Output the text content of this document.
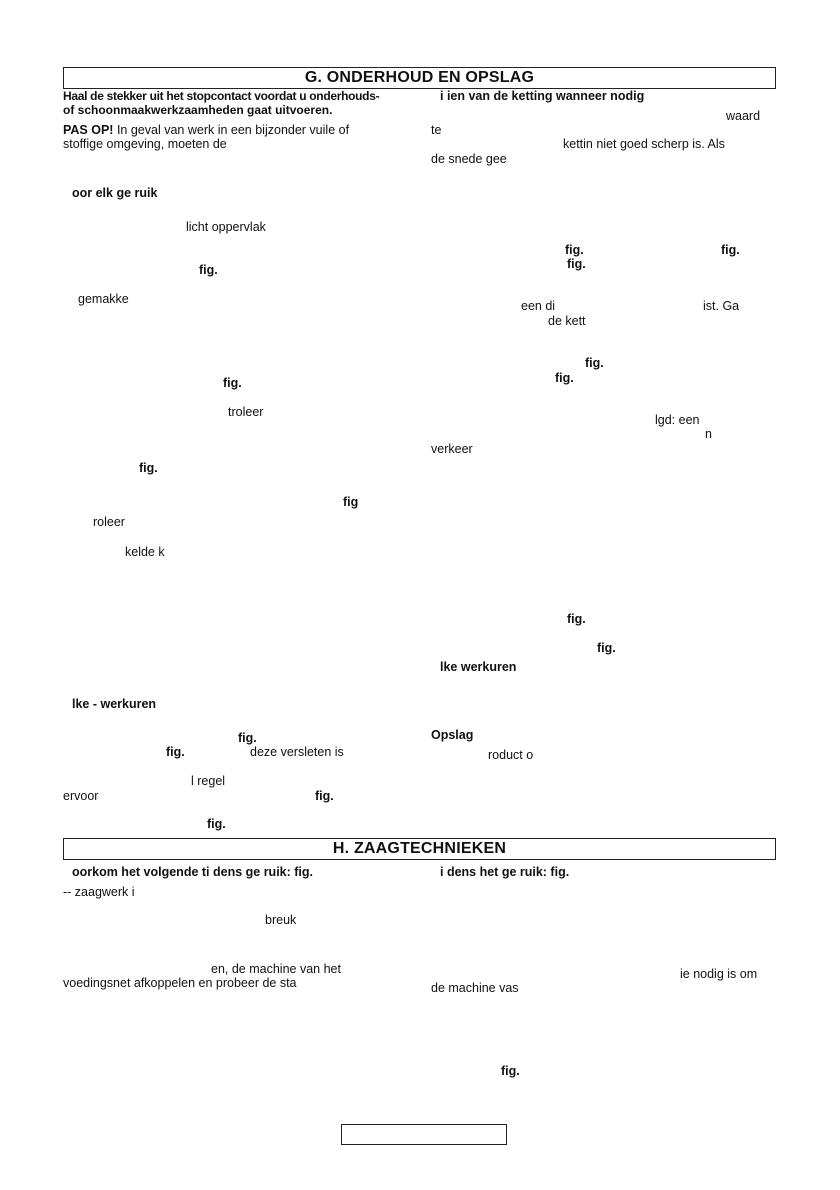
G. ONDERHOUD EN OPSLAG
Haal de stekker uit het stopcontact voordat u onderhouds-
of schoonmaakwerkzaamheden gaat uitvoeren.
PAS OP! In geval van werk in een bijzonder vuile of
stoffige omgeving, moeten de
oor elk ge ruik
licht oppervlak
fig.
gemakke
fig.
troleer
fig.
fig
roleer
kelde k
lke - werkuren
fig.
fig.	deze versleten is
l regel
ervoor	fig.
fig.
i ien van de ketting wanneer nodig
waard
te
kettin niet goed scherp is. Als
de snede gee
fig.	fig.
fig.
een di	ist. Ga
de kett
fig.
fig.
lgd: een
n
verkeer
fig.
fig.
lke werkuren
Opslag
roduct o
H. ZAAGTECHNIEKEN
oorkom het volgende ti dens ge ruik: fig.
-- zaagwerk i
breuk
en, de machine van het
voedingsnet afkoppelen en probeer de sta
i dens het ge ruik: fig.
ie nodig is om
de machine vas
fig.
